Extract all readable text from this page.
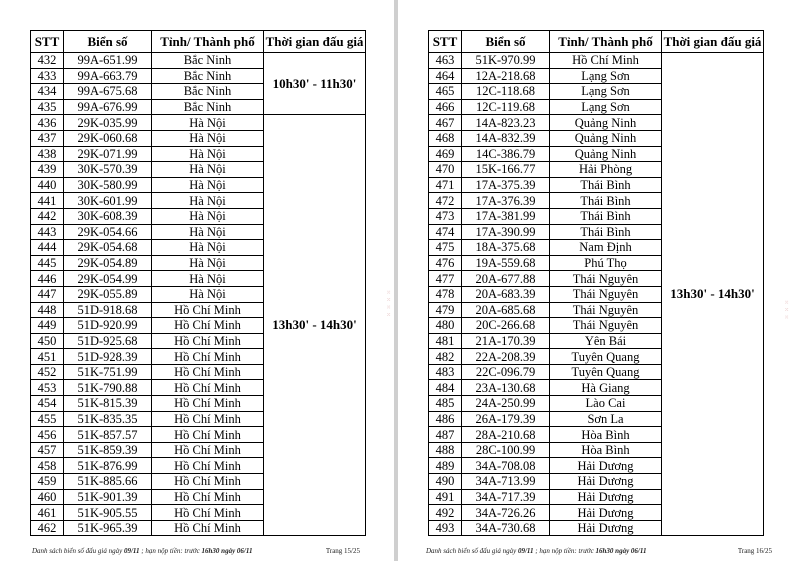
STT	Biển số	Tỉnh/ Thành phố	Thời gian đấu giá
432	99A-651.99	Bắc Ninh	10h30' - 11h30'
433	99A-663.79	Bắc Ninh	
434	99A-675.68	Bắc Ninh	
435	99A-676.99	Bắc Ninh	
436	29K-035.99	Hà Nội	13h30' - 14h30'
437	29K-060.68	Hà Nội	
438	29K-071.99	Hà Nội	
439	30K-570.39	Hà Nội	
440	30K-580.99	Hà Nội	
441	30K-601.99	Hà Nội	
442	30K-608.39	Hà Nội	
443	29K-054.66	Hà Nội	
444	29K-054.68	Hà Nội	
445	29K-054.89	Hà Nội	
446	29K-054.99	Hà Nội	
447	29K-055.89	Hà Nội	
448	51D-918.68	Hồ Chí Minh	
449	51D-920.99	Hồ Chí Minh	
450	51D-925.68	Hồ Chí Minh	
451	51D-928.39	Hồ Chí Minh	
452	51K-751.99	Hồ Chí Minh	
453	51K-790.88	Hồ Chí Minh	
454	51K-815.39	Hồ Chí Minh	
455	51K-835.35	Hồ Chí Minh	
456	51K-857.57	Hồ Chí Minh	
457	51K-859.39	Hồ Chí Minh	
458	51K-876.99	Hồ Chí Minh	
459	51K-885.66	Hồ Chí Minh	
460	51K-901.39	Hồ Chí Minh	
461	51K-905.55	Hồ Chí Minh	
462	51K-965.39	Hồ Chí Minh	
Danh sách biển số đấu giá ngày 09/11 ; hạn nộp tiền: trước 16h30 ngày 06/11	Trang 15/25
⁙ ⁙ ⁙ ⁙
Danh sách biển số đấu giá ngày 09/11 ; hạn nộp tiền: trước 16h30 ngày 06/11	Trang 16/25
⁙ ⁙ ⁙
STT	Biển số	Tỉnh/ Thành phố	Thời gian đấu giá
463	51K-970.99	Hồ Chí Minh	13h30' - 14h30'
464	12A-218.68	Lạng Sơn	
465	12C-118.68	Lạng Sơn	
466	12C-119.68	Lạng Sơn	
467	14A-823.23	Quảng Ninh	
468	14A-832.39	Quảng Ninh	
469	14C-386.79	Quảng Ninh	
470	15K-166.77	Hải Phòng	
471	17A-375.39	Thái Bình	
472	17A-376.39	Thái Bình	
473	17A-381.99	Thái Bình	
474	17A-390.99	Thái Bình	
475	18A-375.68	Nam Định	
476	19A-559.68	Phú Thọ	
477	20A-677.88	Thái Nguyên	
478	20A-683.39	Thái Nguyên	
479	20A-685.68	Thái Nguyên	
480	20C-266.68	Thái Nguyên	
481	21A-170.39	Yên Bái	
482	22A-208.39	Tuyên Quang	
483	22C-096.79	Tuyên Quang	
484	23A-130.68	Hà Giang	
485	24A-250.99	Lào Cai	
486	26A-179.39	Sơn La	
487	28A-210.68	Hòa Bình	
488	28C-100.99	Hòa Bình	
489	34A-708.08	Hải Dương	
490	34A-713.99	Hải Dương	
491	34A-717.39	Hải Dương	
492	34A-726.26	Hải Dương	
493	34A-730.68	Hải Dương	
